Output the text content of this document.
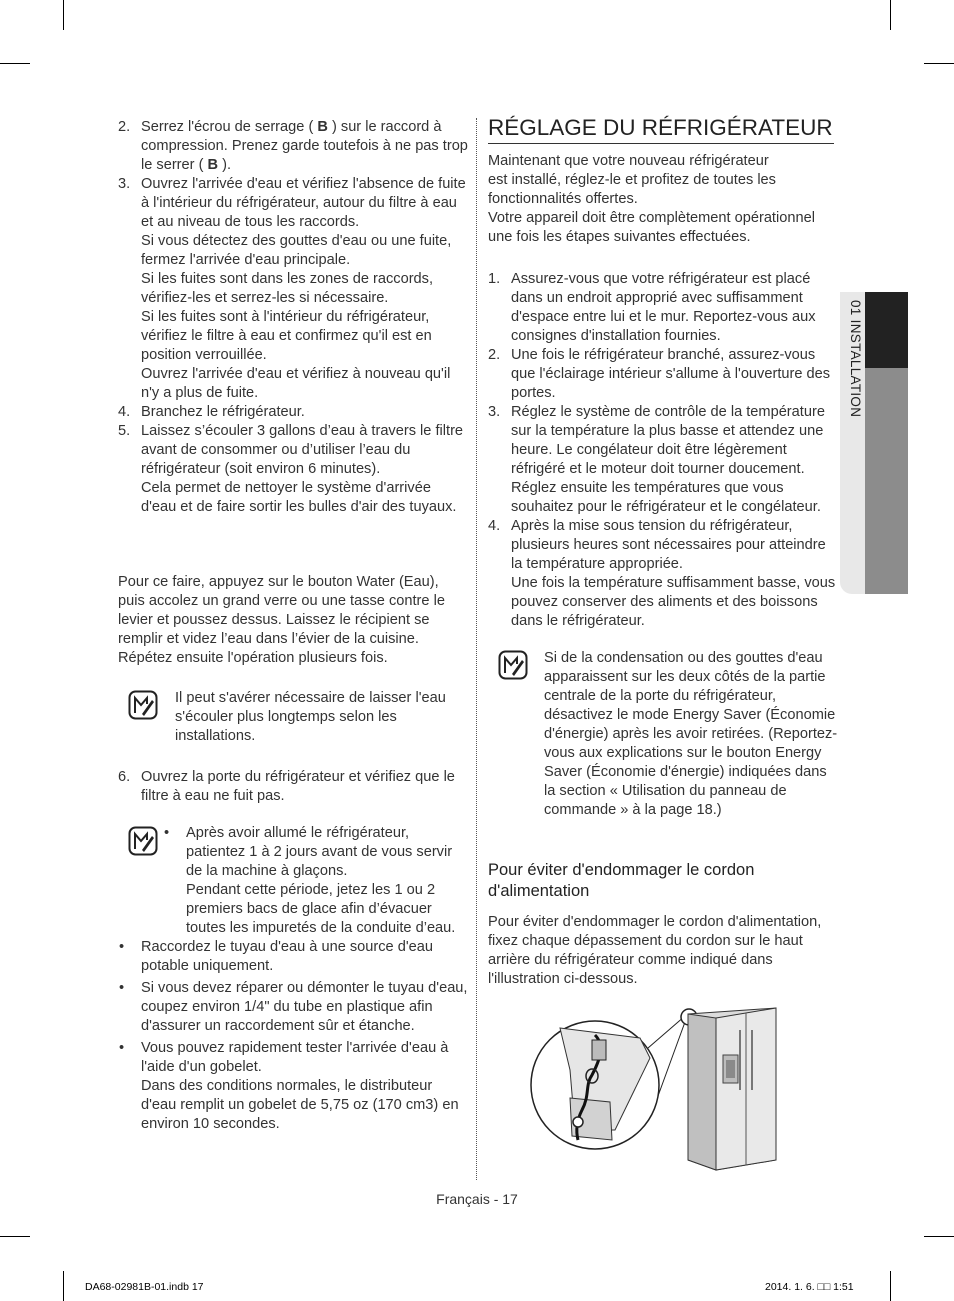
2. Serrez l'écrou de serrage ( B ) sur le raccord à compression. Prenez garde toutefois à ne pas trop le serrer ( B ).
3. Ouvrez l'arrivée d'eau et vérifiez l'absence de fuite à l'intérieur du réfrigérateur, autour du filtre à eau et au niveau de tous les raccords.

Si vous détectez des gouttes d'eau ou une fuite, fermez l'arrivée d'eau principale.

Si les fuites sont dans les zones de raccords, vérifiez-les et serrez-les si nécessaire.

Si les fuites sont à l'intérieur du réfrigérateur, vérifiez le filtre à eau et confirmez qu'il est en position verrouillée.

Ouvrez l'arrivée d'eau et vérifiez à nouveau qu'il n'y a plus de fuite.

4. Branchez le réfrigérateur.

5. Laissez s’écouler 3 gallons d’eau à travers le filtre avant de consommer ou d’utiliser l’eau du réfrigérateur (soit environ 6 minutes).

Cela permet de nettoyer le système d'arrivée d'eau et de faire sortir les bulles d'air des tuyaux.

Pour ce faire, appuyez sur le bouton Water (Eau), puis accolez un grand verre ou une tasse contre le levier et poussez dessus. Laissez le récipient se remplir et videz l’eau dans l’évier de la cuisine. Répétez ensuite l'opération plusieurs fois.

Il peut s'avérer nécessaire de laisser l'eau s'écouler plus longtemps selon les installations.

6. Ouvrez la porte du réfrigérateur et vérifiez que le filtre à eau ne fuit pas.

• Après avoir allumé le réfrigérateur, patientez 1 à 2 jours avant de vous servir de la machine à glaçons.

Pendant cette période, jetez les 1 ou 2 premiers bacs de glace afin d’évacuer toutes les impuretés de la conduite d’eau.

• Raccordez le tuyau d'eau à une source d'eau potable uniquement.

• Si vous devez réparer ou démonter le tuyau d'eau, coupez environ 1/4" du tube en plastique afin d'assurer un raccordement sûr et étanche.

• Vous pouvez rapidement tester l'arrivée d'eau à l'aide d'un gobelet.

Dans des conditions normales, le distributeur d'eau remplit un gobelet de 5,75 oz (170 cm3) en environ 10 secondes.

RÉGLAGE DU RÉFRIGÉRATEUR

Maintenant que votre nouveau réfrigérateur est installé, réglez-le et profitez de toutes les fonctionnalités offertes.

Votre appareil doit être complètement opérationnel une fois les étapes suivantes effectuées.

1. Assurez-vous que votre réfrigérateur est placé dans un endroit approprié avec suffisamment d'espace entre lui et le mur. Reportez-vous aux consignes d'installation fournies.

2. Une fois le réfrigérateur branché, assurez-vous que l'éclairage intérieur s'allume à l'ouverture des portes.

3. Réglez le système de contrôle de la température sur la température la plus basse et attendez une heure. Le congélateur doit être légèrement réfrigéré et le moteur doit tourner doucement. Réglez ensuite les températures que vous souhaitez pour le réfrigérateur et le congélateur.

4. Après la mise sous tension du réfrigérateur, plusieurs heures sont nécessaires pour atteindre la température appropriée.

Une fois la température suffisamment basse, vous pouvez conserver des aliments et des boissons dans le réfrigérateur.

Si de la condensation ou des gouttes d'eau apparaissent sur les deux côtés de la partie centrale de la porte du réfrigérateur, désactivez le mode Energy Saver (Économie d'énergie) après les avoir retirées. (Reportez-vous aux explications sur le bouton Energy Saver (Économie d'énergie) indiquées dans la section « Utilisation du panneau de commande » à la page 18.)

Pour éviter d'endommager le cordon d'alimentation

Pour éviter d'endommager le cordon d'alimentation, fixez chaque dépassement du cordon sur le haut arrière du réfrigérateur comme indiqué dans l'illustration ci-dessous.

01 INSTALLATION
Français - 17
DA68-02981B-01.indb 17	2014. 1. 6. □□ 1:51
